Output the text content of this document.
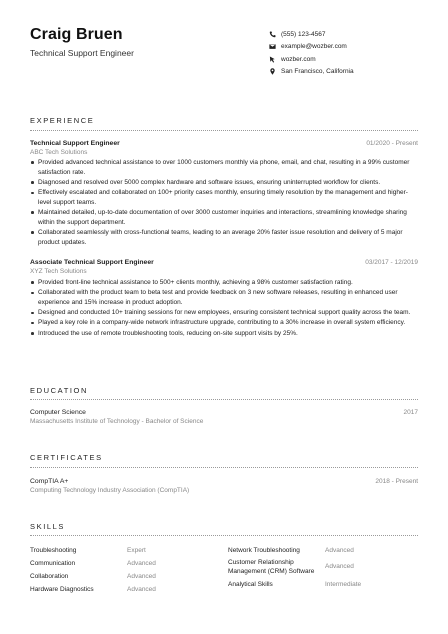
Craig Bruen
Technical Support Engineer
(555) 123-4567
example@wozber.com
wozber.com
San Francisco, California
EXPERIENCE
Technical Support Engineer	01/2020 - Present
ABC Tech Solutions
Provided advanced technical assistance to over 1000 customers monthly via phone, email, and chat, resulting in a 99% customer satisfaction rate.
Diagnosed and resolved over 5000 complex hardware and software issues, ensuring uninterrupted workflow for clients.
Effectively escalated and collaborated on 100+ priority cases monthly, ensuring timely resolution by the management and higher-level support teams.
Maintained detailed, up-to-date documentation of over 3000 customer inquiries and interactions, streamlining knowledge sharing within the support department.
Collaborated seamlessly with cross-functional teams, leading to an average 20% faster issue resolution and delivery of 5 major product updates.
Associate Technical Support Engineer	03/2017 - 12/2019
XYZ Tech Solutions
Provided front-line technical assistance to 500+ clients monthly, achieving a 98% customer satisfaction rating.
Collaborated with the product team to beta test and provide feedback on 3 new software releases, resulting in enhanced user experience and 15% increase in product adoption.
Designed and conducted 10+ training sessions for new employees, ensuring consistent technical support quality across the team.
Played a key role in a company-wide network infrastructure upgrade, contributing to a 30% increase in overall system efficiency.
Introduced the use of remote troubleshooting tools, reducing on-site support visits by 25%.
EDUCATION
Computer Science	2017
Massachusetts Institute of Technology - Bachelor of Science
CERTIFICATES
CompTIA A+	2018 - Present
Computing Technology Industry Association (CompTIA)
SKILLS
Troubleshooting	Expert
Communication	Advanced
Collaboration	Advanced
Hardware Diagnostics	Advanced
Network Troubleshooting	Advanced
Customer Relationship Management (CRM) Software
Advanced
Analytical Skills	Intermediate
